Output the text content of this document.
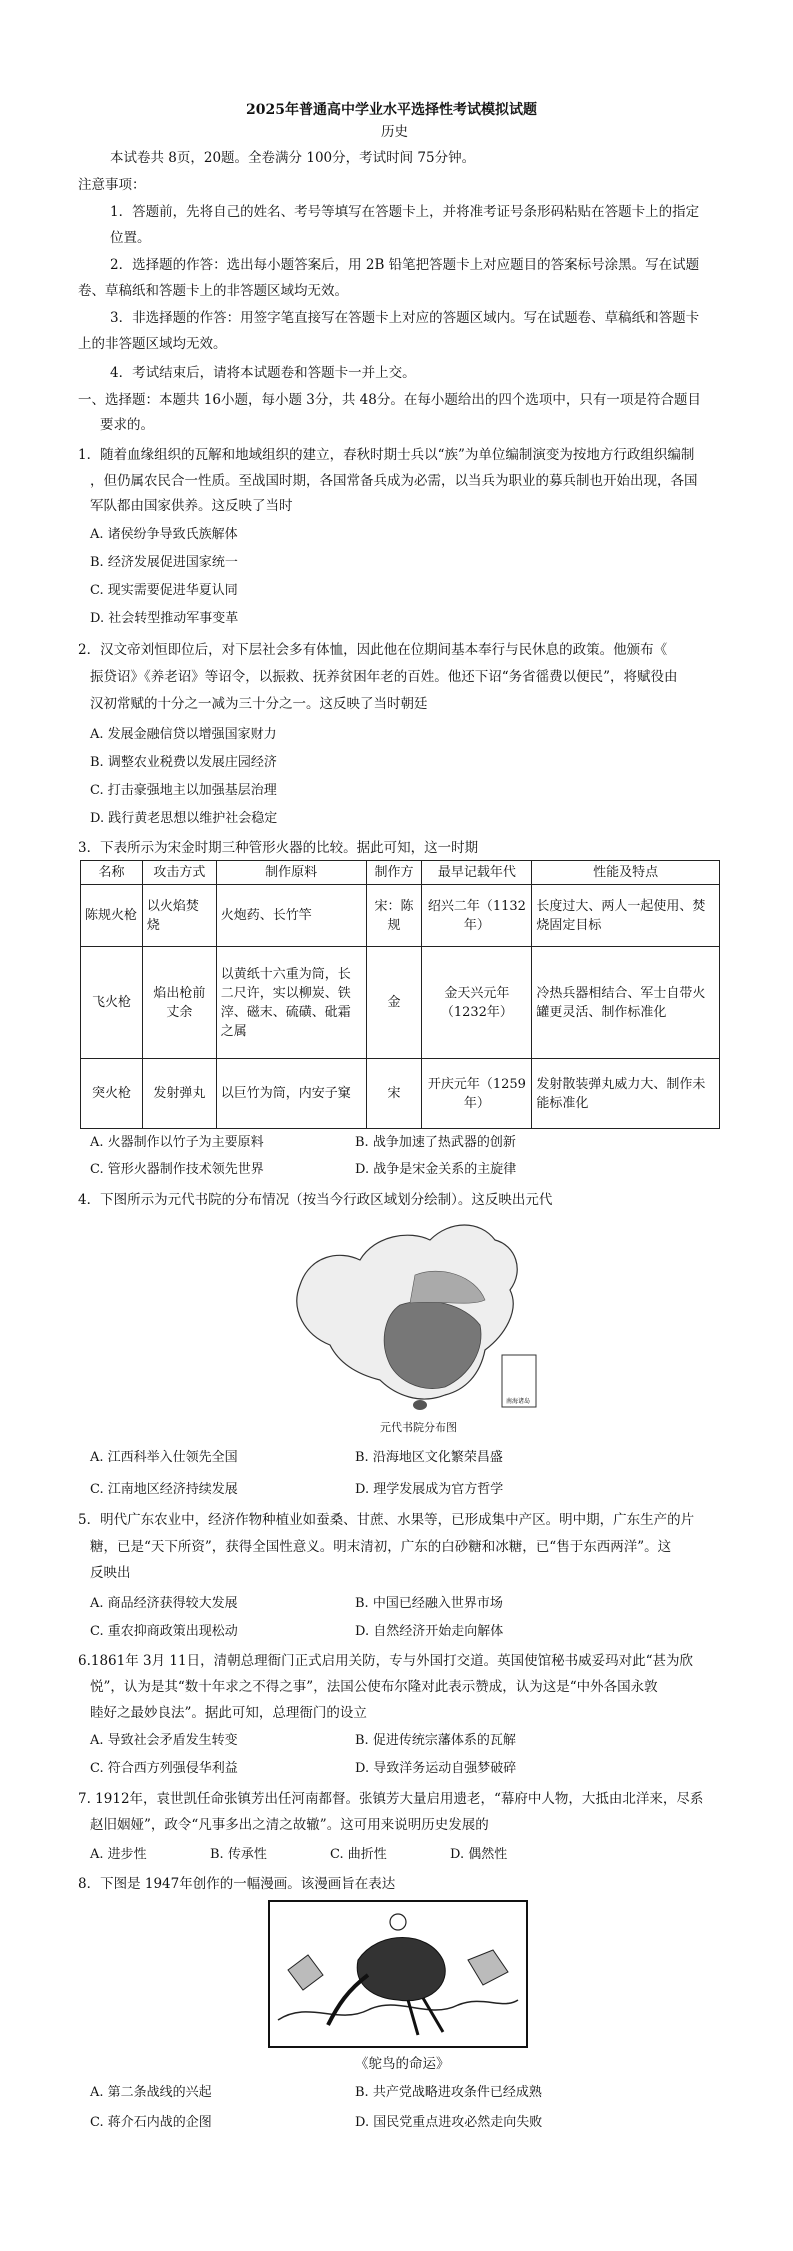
2025年普通高中学业水平选择性考试模拟试题
历史
本试卷共 8页，20题。全卷满分 100分，考试时间 75分钟。
注意事项：
1．答题前，先将自己的姓名、考号等填写在答题卡上，并将准考证号条形码粘贴在答题卡上的指定
位置。
2．选择题的作答：选出每小题答案后，用 2B 铅笔把答题卡上对应题目的答案标号涂黑。写在试题
卷、草稿纸和答题卡上的非答题区域均无效。
3．非选择题的作答：用签字笔直接写在答题卡上对应的答题区域内。写在试题卷、草稿纸和答题卡
上的非答题区域均无效。
4．考试结束后，请将本试题卷和答题卡一并上交。
一、选择题：本题共 16小题，每小题 3分，共 48分。在每小题给出的四个选项中，只有一项是符合题目
要求的。
1．随着血缘组织的瓦解和地域组织的建立，春秋时期士兵以“族”为单位编制演变为按地方行政组织编制
，但仍属农民合一性质。至战国时期，各国常备兵成为必需，以当兵为职业的募兵制也开始出现，各国
军队都由国家供养。这反映了当时
A. 诸侯纷争导致氏族解体
B. 经济发展促进国家统一
C. 现实需要促进华夏认同
D. 社会转型推动军事变革
2．汉文帝刘恒即位后，对下层社会多有体恤，因此他在位期间基本奉行与民休息的政策。他颁布《
振贷诏》《养老诏》等诏令，以振救、抚养贫困年老的百姓。他还下诏“务省徭费以便民”，将赋役由
汉初常赋的十分之一减为三十分之一。这反映了当时朝廷
A. 发展金融信贷以增强国家财力
B. 调整农业税费以发展庄园经济
C. 打击豪强地主以加强基层治理
D. 践行黄老思想以维护社会稳定
3．下表所示为宋金时期三种管形火器的比较。据此可知，这一时期
名称	攻击方式	制作原料	制作方	最早记载年代	性能及特点
陈规火枪	以火焰焚烧	火炮药、长竹竿	宋：陈规	绍兴二年（1132年）	长度过大、两人一起使用、焚烧固定目标
飞火枪	焰出枪前丈余	以黄纸十六重为筒，长二尺许，实以柳炭、铁滓、磁末、硫磺、砒霜之属	金	金天兴元年（1232年）	冷热兵器相结合、军士自带火罐更灵活、制作标准化
突火枪	发射弹丸	以巨竹为筒，内安子窠	宋	开庆元年（1259年）	发射散装弹丸威力大、制作未能标准化
A. 火器制作以竹子为主要原料	B. 战争加速了热武器的创新
C. 管形火器制作技术领先世界	D. 战争是宋金关系的主旋律
4．下图所示为元代书院的分布情况（按当今行政区域划分绘制）。这反映出元代
南海诸岛
元代书院分布图
A. 江西科举入仕领先全国	B. 沿海地区文化繁荣昌盛
C. 江南地区经济持续发展	D. 理学发展成为官方哲学
5．明代广东农业中，经济作物种植业如蚕桑、甘蔗、水果等，已形成集中产区。明中期，广东生产的片
糖，已是“天下所资”，获得全国性意义。明末清初，广东的白砂糖和冰糖，已“售于东西两洋”。这
反映出
A. 商品经济获得较大发展	B. 中国已经融入世界市场
C. 重农抑商政策出现松动	D. 自然经济开始走向解体
6.1861年 3月 11日，清朝总理衙门正式启用关防，专与外国打交道。英国使馆秘书威妥玛对此“甚为欣
悦”，认为是其“数十年求之不得之事”，法国公使布尔隆对此表示赞成，认为这是“中外各国永敦
睦好之最妙良法”。据此可知，总理衙门的设立
A. 导致社会矛盾发生转变	B. 促进传统宗藩体系的瓦解
C. 符合西方列强侵华利益	D. 导致洋务运动自强梦破碎
7. 1912年，袁世凯任命张镇芳出任河南都督。张镇芳大量启用遗老，“幕府中人物，大抵由北洋来，尽系
赵旧姻娅”，政令“凡事多出之清之故辙”。这可用来说明历史发展的
A. 进步性	B. 传承性	C. 曲折性	D. 偶然性
8．下图是 1947年创作的一幅漫画。该漫画旨在表达
《鸵鸟的命运》
A. 第二条战线的兴起	B. 共产党战略进攻条件已经成熟
C. 蒋介石内战的企图	D. 国民党重点进攻必然走向失败
